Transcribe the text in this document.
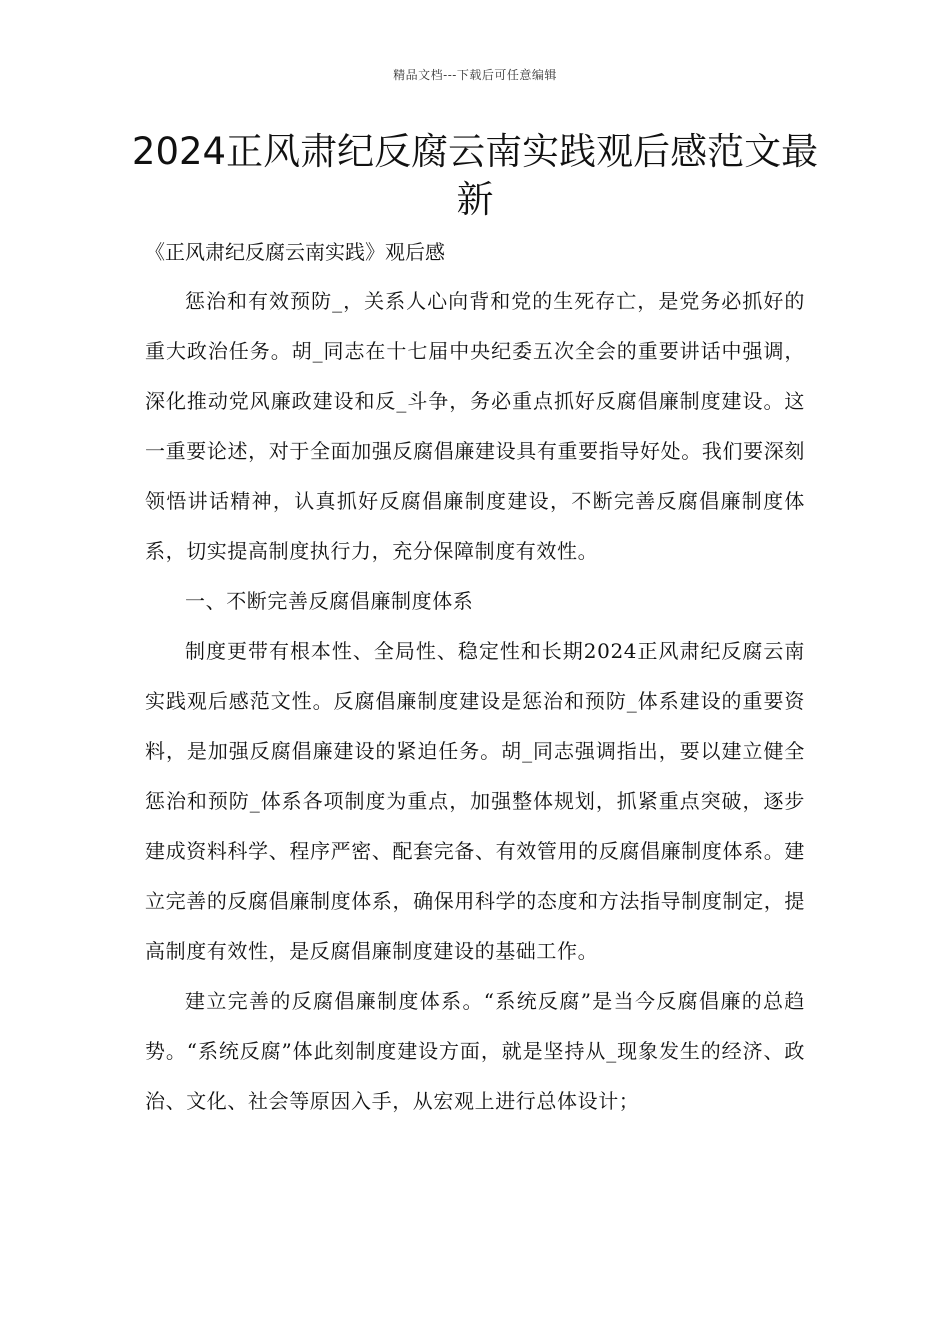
精品文档---下载后可任意编辑
2024正风肃纪反腐云南实践观后感范文最新
《正风肃纪反腐云南实践》观后感

惩治和有效预防_，关系人心向背和党的生死存亡，是党务必抓好的重大政治任务。胡_同志在十七届中央纪委五次全会的重要讲话中强调，深化推动党风廉政建设和反_斗争，务必重点抓好反腐倡廉制度建设。这一重要论述，对于全面加强反腐倡廉建设具有重要指导好处。我们要深刻领悟讲话精神，认真抓好反腐倡廉制度建设，不断完善反腐倡廉制度体系，切实提高制度执行力，充分保障制度有效性。

一、不断完善反腐倡廉制度体系

制度更带有根本性、全局性、稳定性和长期2024正风肃纪反腐云南实践观后感范文性。反腐倡廉制度建设是惩治和预防_体系建设的重要资料，是加强反腐倡廉建设的紧迫任务。胡_同志强调指出，要以建立健全惩治和预防_体系各项制度为重点，加强整体规划，抓紧重点突破，逐步建成资料科学、程序严密、配套完备、有效管用的反腐倡廉制度体系。建立完善的反腐倡廉制度体系，确保用科学的态度和方法指导制度制定，提高制度有效性，是反腐倡廉制度建设的基础工作。

建立完善的反腐倡廉制度体系。“系统反腐”是当今反腐倡廉的总趋势。“系统反腐”体此刻制度建设方面，就是坚持从_现象发生的经济、政治、文化、社会等原因入手，从宏观上进行总体设计；
